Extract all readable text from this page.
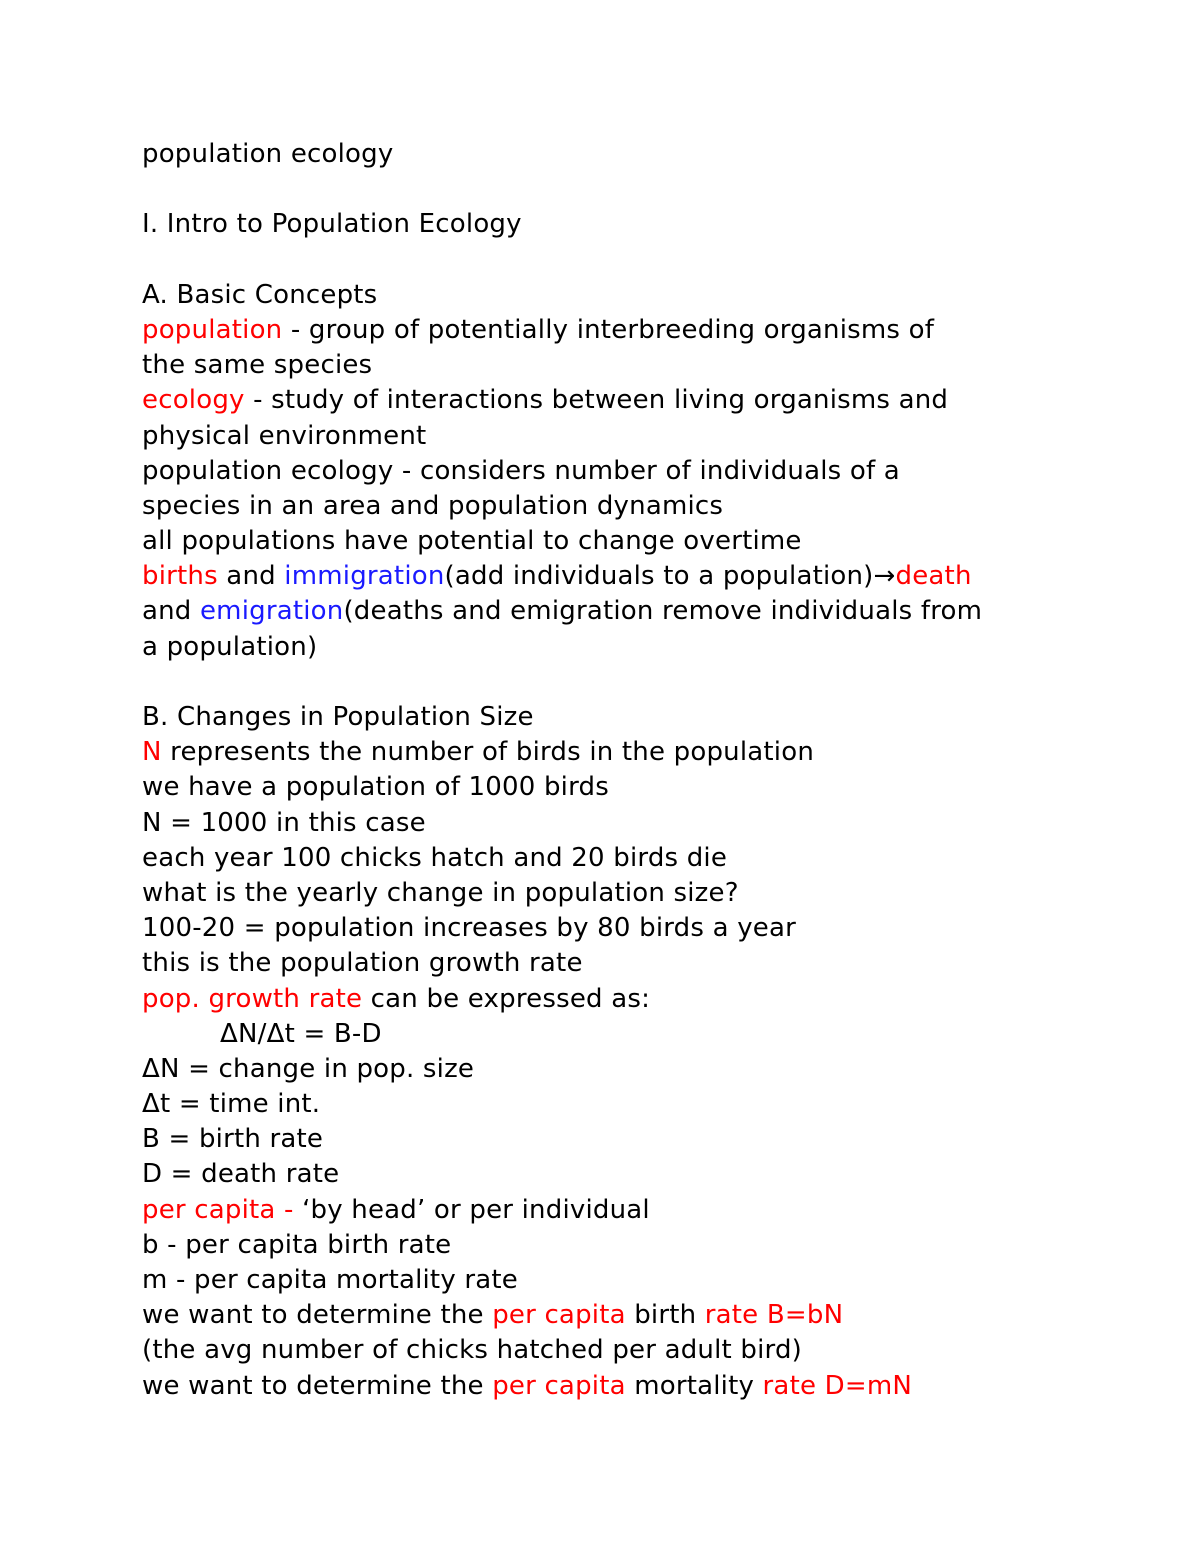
population ecology
I. Intro to Population Ecology
A. Basic Concepts
population - group of potentially interbreeding organisms of
the same species
ecology - study of interactions between living organisms and
physical environment
population ecology - considers number of individuals of a
species in an area and population dynamics
all populations have potential to change overtime
births and immigration(add individuals to a population)→death
and emigration(deaths and emigration remove individuals from
a population)
B. Changes in Population Size
N represents the number of birds in the population
we have a population of 1000 birds
N = 1000 in this case
each year 100 chicks hatch and 20 birds die
what is the yearly change in population size?
100-20 = population increases by 80 birds a year
this is the population growth rate
pop. growth rate can be expressed as:
ΔN/Δt = B-D
ΔN = change in pop. size
Δt = time int.
B = birth rate
D = death rate
per capita - ‘by head’ or per individual
b - per capita birth rate
m - per capita mortality rate
we want to determine the per capita birth rate B=bN
(the avg number of chicks hatched per adult bird)
we want to determine the per capita mortality rate D=mN
